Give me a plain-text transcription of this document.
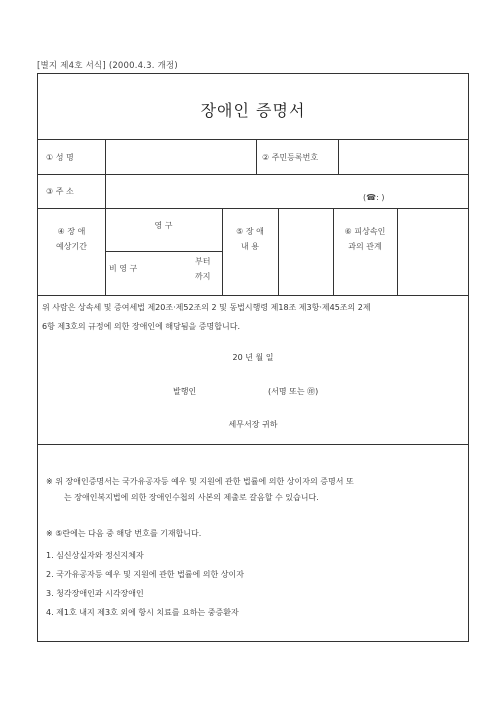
[별지 제4호 서식] (2000.4.3. 개정)
장애인 증명서
① 성 명	② 주민등록번호
③ 주 소
(☎: )
④ 장 애
예상기간
영 구
비 영 구
부터
까지
⑤ 장 애
내 용
⑥ 피상속인
과의 관계
위 사람은 상속세 및 증여세법 제20조·제52조의 2 및 동법시행령 제18조 제3항·제45조의 2제
6항 제3호의 규정에 의한 장애인에 해당됨을 증명합니다.
20 년 월 일
발행인	(서명 또는 ㊞)
세무서장 귀하
※ 위 장애인증명서는 국가유공자등 예우 및 지원에 관한 법률에 의한 상이자의 증명서 또
는 장애인복지법에 의한 장애인수첩의 사본의 제출로 갈음할 수 있습니다.
※ ⑤란에는 다음 중 해당 번호를 기재합니다.
1. 심신상실자와 정신지체자
2. 국가유공자등 예우 및 지원에 관한 법률에 의한 상이자
3. 청각장애인과 시각장애인
4. 제1호 내지 제3호 외에 항시 치료를 요하는 중증환자
